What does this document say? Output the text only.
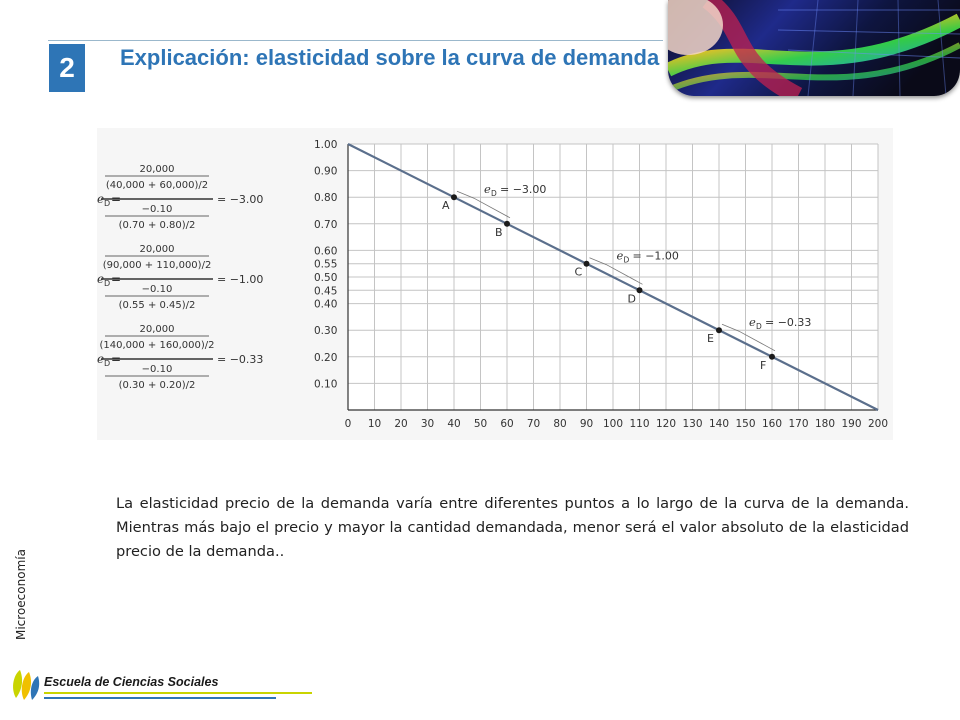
2	Explicación: elasticidad sobre la curva de demanda
0 10 20 30 40 50 60 70 80 90 100 110 120 130 140 150 160 170 180 190 200
1.00
0.90
0.80
0.70
0.60
0.55
0.50
0.45
0.40
0.30
0.20
0.10
e D = −3.00
e D = −1.00
e D = −0.33
A
B
C
D
E
F
e D =
20,000
(40,000 + 60,000)/2
−0.10
(0.70 + 0.80)/2
= −3.00
e D =
20,000
(90,000 + 110,000)/2
−0.10
(0.55 + 0.45)/2
= −1.00
e D =
20,000
(140,000 + 160,000)/2
−0.10
(0.30 + 0.20)/2
= −0.33
La elasticidad precio de la demanda varía entre diferentes puntos a lo largo de la curva de la demanda. Mientras más bajo el precio y mayor la cantidad demandada, menor será el valor absoluto de la elasticidad precio de la demanda..
Microeconomía
Escuela de Ciencias Sociales
